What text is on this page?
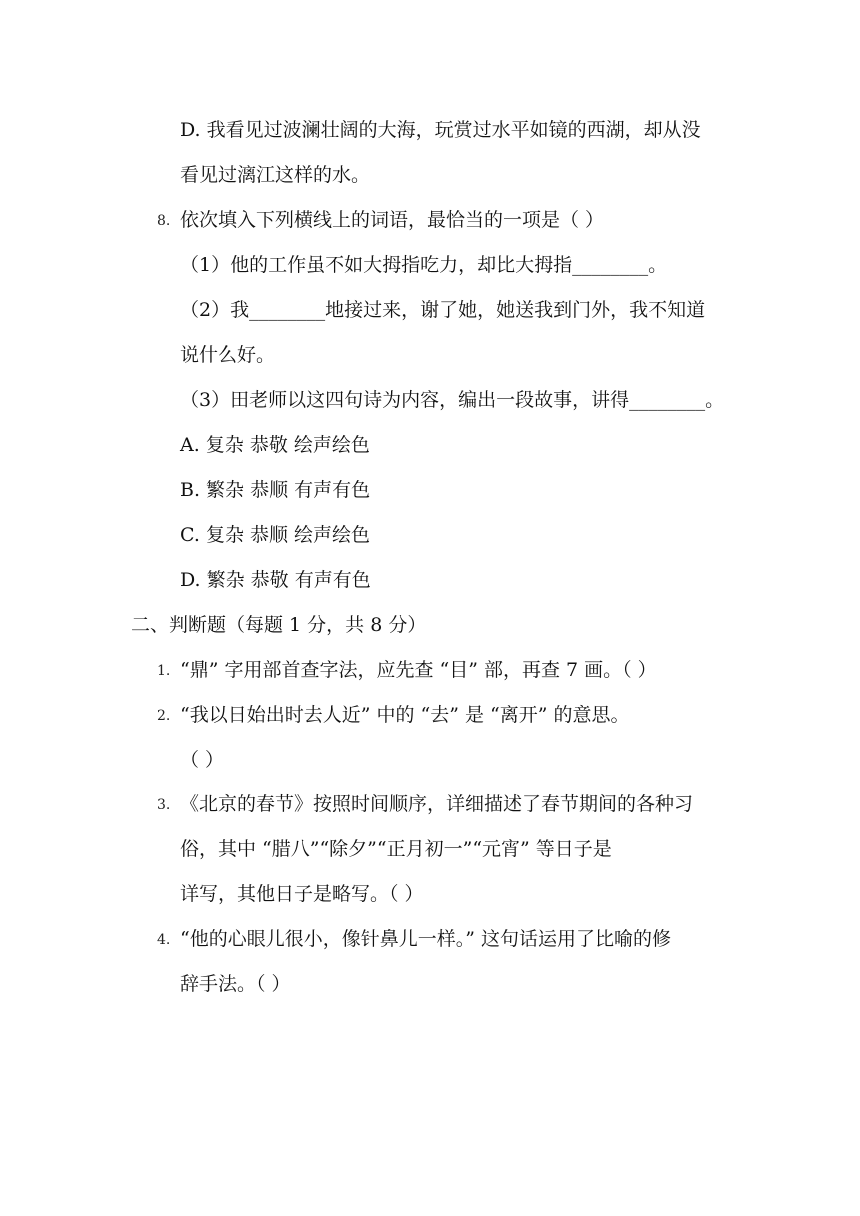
D. 我看见过波澜壮阔的大海，玩赏过水平如镜的西湖，却从没
看见过漓江这样的水。
8. 依次填入下列横线上的词语，最恰当的一项是（ ）
（1）他的工作虽不如大拇指吃力，却比大拇指________。
（2）我________地接过来，谢了她，她送我到门外，我不知道
说什么好。
（3）田老师以这四句诗为内容，编出一段故事，讲得________。
A. 复杂 恭敬 绘声绘色
B. 繁杂 恭顺 有声有色
C. 复杂 恭顺 绘声绘色
D. 繁杂 恭敬 有声有色
二、判断题（每题 1 分，共 8 分）
1. “鼎” 字用部首查字法，应先查 “目” 部，再查 7 画。（ ）
2. “我以日始出时去人近” 中的 “去” 是 “离开” 的意思。
（ ）
3. 《北京的春节》按照时间顺序，详细描述了春节期间的各种习
俗，其中 “腊八”“除夕”“正月初一”“元宵” 等日子是
详写，其他日子是略写。（ ）
4. “他的心眼儿很小，像针鼻儿一样。” 这句话运用了比喻的修
辞手法。（ ）
